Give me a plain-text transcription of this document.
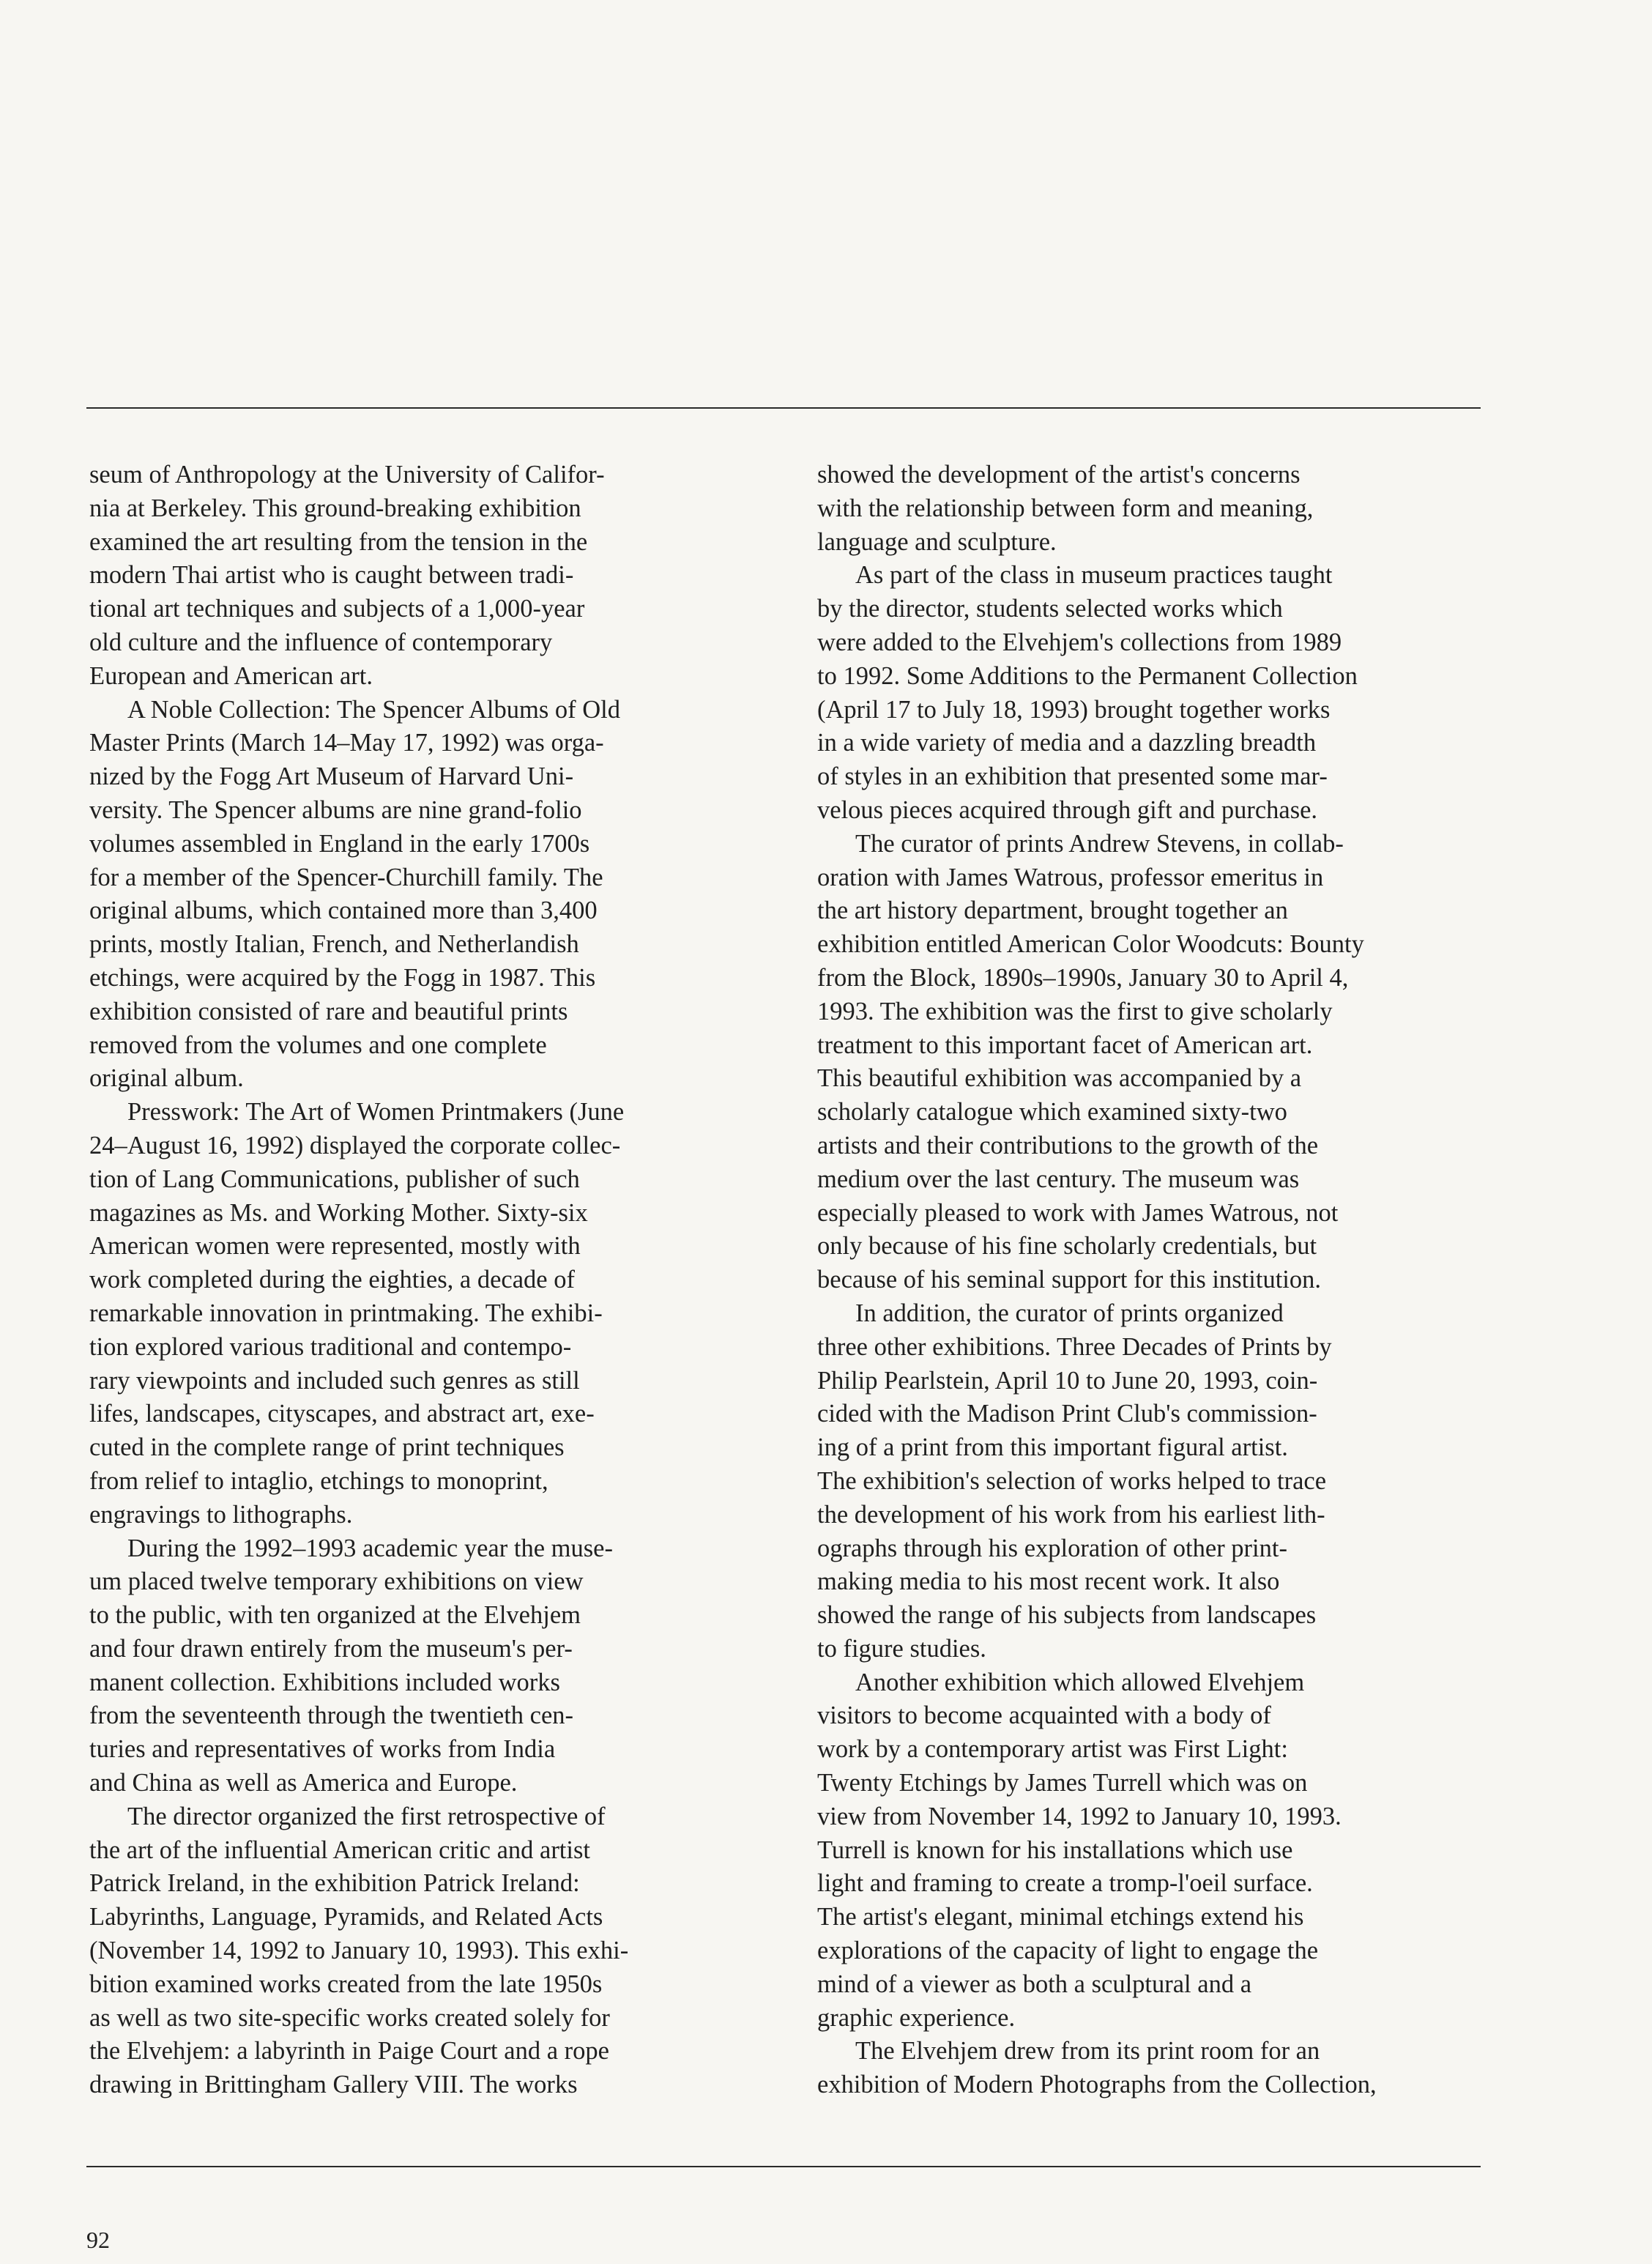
seum of Anthropology at the University of Califor-
nia at Berkeley. This ground-breaking exhibition
examined the art resulting from the tension in the
modern Thai artist who is caught between tradi-
tional art techniques and subjects of a 1,000-year
old culture and the influence of contemporary
European and American art.
A Noble Collection: The Spencer Albums of Old
Master Prints (March 14–May 17, 1992) was orga-
nized by the Fogg Art Museum of Harvard Uni-
versity. The Spencer albums are nine grand-folio
volumes assembled in England in the early 1700s
for a member of the Spencer-Churchill family. The
original albums, which contained more than 3,400
prints, mostly Italian, French, and Netherlandish
etchings, were acquired by the Fogg in 1987. This
exhibition consisted of rare and beautiful prints
removed from the volumes and one complete
original album.
Presswork: The Art of Women Printmakers (June
24–August 16, 1992) displayed the corporate collec-
tion of Lang Communications, publisher of such
magazines as Ms. and Working Mother. Sixty-six
American women were represented, mostly with
work completed during the eighties, a decade of
remarkable innovation in printmaking. The exhibi-
tion explored various traditional and contempo-
rary viewpoints and included such genres as still
lifes, landscapes, cityscapes, and abstract art, exe-
cuted in the complete range of print techniques
from relief to intaglio, etchings to monoprint,
engravings to lithographs.
During the 1992–1993 academic year the muse-
um placed twelve temporary exhibitions on view
to the public, with ten organized at the Elvehjem
and four drawn entirely from the museum's per-
manent collection. Exhibitions included works
from the seventeenth through the twentieth cen-
turies and representatives of works from India
and China as well as America and Europe.
The director organized the first retrospective of
the art of the influential American critic and artist
Patrick Ireland, in the exhibition Patrick Ireland:
Labyrinths, Language, Pyramids, and Related Acts
(November 14, 1992 to January 10, 1993). This exhi-
bition examined works created from the late 1950s
as well as two site-specific works created solely for
the Elvehjem: a labyrinth in Paige Court and a rope
drawing in Brittingham Gallery VIII. The works
showed the development of the artist's concerns
with the relationship between form and meaning,
language and sculpture.
As part of the class in museum practices taught
by the director, students selected works which
were added to the Elvehjem's collections from 1989
to 1992. Some Additions to the Permanent Collection
(April 17 to July 18, 1993) brought together works
in a wide variety of media and a dazzling breadth
of styles in an exhibition that presented some mar-
velous pieces acquired through gift and purchase.
The curator of prints Andrew Stevens, in collab-
oration with James Watrous, professor emeritus in
the art history department, brought together an
exhibition entitled American Color Woodcuts: Bounty
from the Block, 1890s–1990s, January 30 to April 4,
1993. The exhibition was the first to give scholarly
treatment to this important facet of American art.
This beautiful exhibition was accompanied by a
scholarly catalogue which examined sixty-two
artists and their contributions to the growth of the
medium over the last century. The museum was
especially pleased to work with James Watrous, not
only because of his fine scholarly credentials, but
because of his seminal support for this institution.
In addition, the curator of prints organized
three other exhibitions. Three Decades of Prints by
Philip Pearlstein, April 10 to June 20, 1993, coin-
cided with the Madison Print Club's commission-
ing of a print from this important figural artist.
The exhibition's selection of works helped to trace
the development of his work from his earliest lith-
ographs through his exploration of other print-
making media to his most recent work. It also
showed the range of his subjects from landscapes
to figure studies.
Another exhibition which allowed Elvehjem
visitors to become acquainted with a body of
work by a contemporary artist was First Light:
Twenty Etchings by James Turrell which was on
view from November 14, 1992 to January 10, 1993.
Turrell is known for his installations which use
light and framing to create a tromp-l'oeil surface.
The artist's elegant, minimal etchings extend his
explorations of the capacity of light to engage the
mind of a viewer as both a sculptural and a
graphic experience.
The Elvehjem drew from its print room for an
exhibition of Modern Photographs from the Collection,
92
